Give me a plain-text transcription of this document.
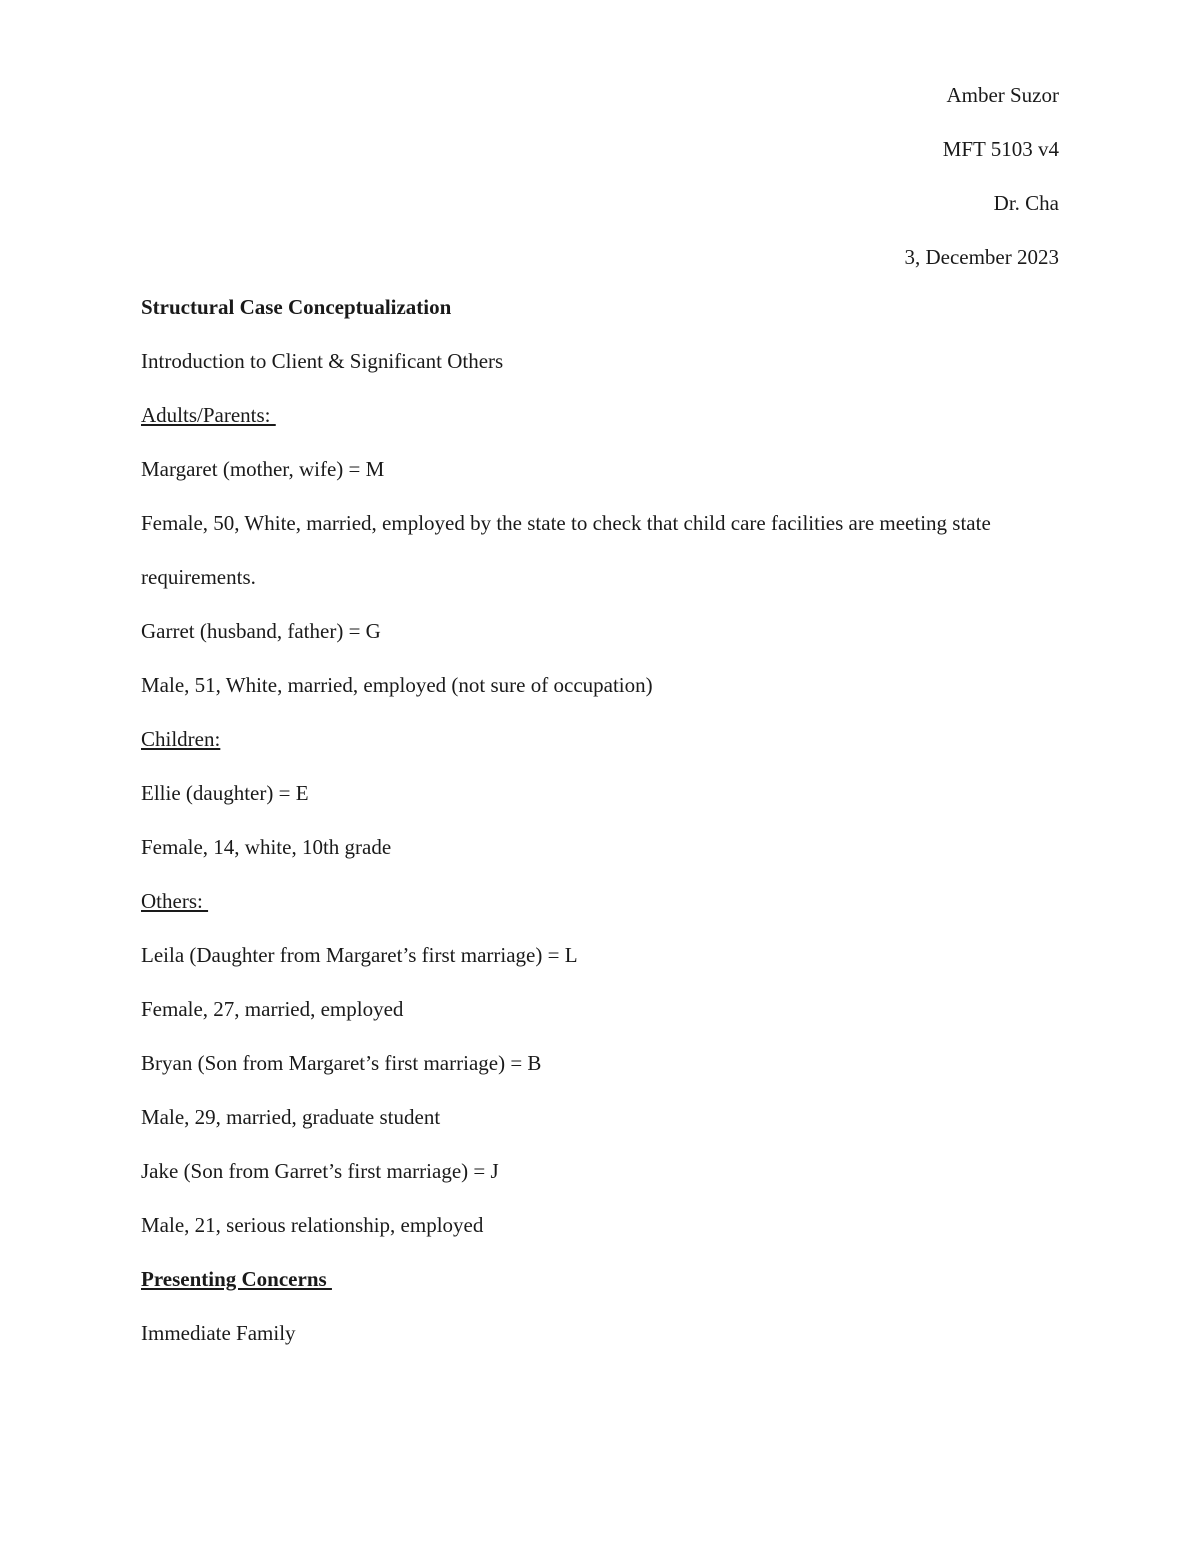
Amber Suzor
MFT 5103 v4
Dr. Cha
3, December 2023
Structural Case Conceptualization
Introduction to Client & Significant Others
Adults/Parents:
Margaret (mother, wife) = M
Female, 50, White, married, employed by the state to check that child care facilities are meeting state requirements.
Garret (husband, father) = G
Male, 51, White, married, employed (not sure of occupation)
Children:
Ellie (daughter) = E
Female, 14, white, 10th grade
Others:
Leila (Daughter from Margaret’s first marriage) = L
Female, 27, married, employed
Bryan (Son from Margaret’s first marriage) = B
Male, 29, married, graduate student
Jake (Son from Garret’s first marriage) = J
Male, 21, serious relationship, employed
Presenting Concerns
Immediate Family
